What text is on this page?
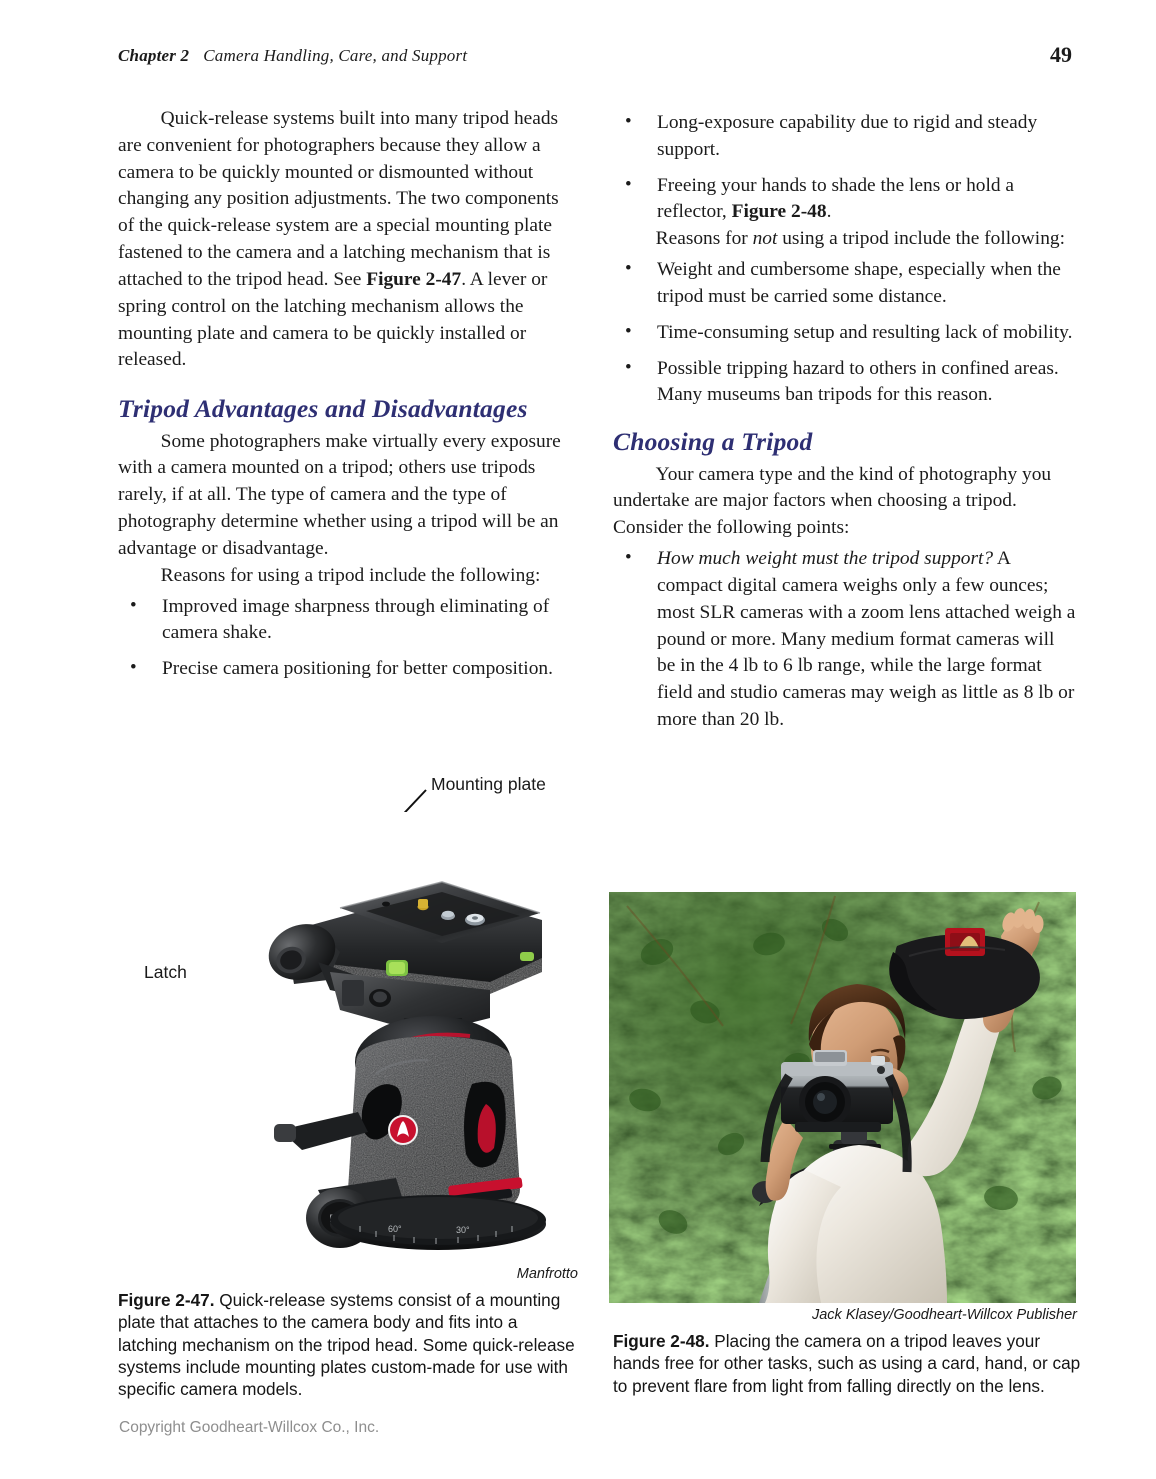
Chapter 2 Camera Handling, Care, and Support	49

Quick-release systems built into many tripod heads are convenient for photographers because they allow a camera to be quickly mounted or dismounted without changing any position adjustments. The two components of the quick-release system are a special mounting plate fastened to the camera and a latching mechanism that is attached to the tripod head. See Figure 2-47. A lever or spring control on the latching mechanism allows the mounting plate and camera to be quickly installed or released.

Tripod Advantages and Disadvantages

Some photographers make virtually every exposure with a camera mounted on a tripod; others use tripods rarely, if at all. The type of camera and the type of photography determine whether using a tripod will be an advantage or disadvantage.

Reasons for using a tripod include the following:

• Improved image sharpness through eliminating of camera shake.
• Precise camera positioning for better composition.
• Long-exposure capability due to rigid and steady support.
• Freeing your hands to shade the lens or hold a reflector, Figure 2-48.

Reasons for not using a tripod include the following:

• Weight and cumbersome shape, especially when the tripod must be carried some distance.
• Time-consuming setup and resulting lack of mobility.
• Possible tripping hazard to others in confined areas. Many museums ban tripods for this reason.
Choosing a Tripod

Your camera type and the kind of photography you undertake are major factors when choosing a tripod. Consider the following points:

• How much weight must the tripod support? A compact digital camera weighs only a few ounces; most SLR cameras with a zoom lens attached weigh a pound or more. Many medium format cameras will be in the 4 lb to 6 lb range, while the large format field and studio cameras may weigh as little as 8 lb or more than 20 lb.
Mounting plate
Latch
60°	30°
Manfrotto
Figure 2-47. Quick-release systems consist of a mounting plate that attaches to the camera body and fits into a latching mechanism on the tripod head. Some quick-release systems include mounting plates custom-made for use with specific camera models.
Jack Klasey/Goodheart-Willcox Publisher
Figure 2-48. Placing the camera on a tripod leaves your hands free for other tasks, such as using a card, hand, or cap to prevent flare from light from falling directly on the lens.
Copyright Goodheart-Willcox Co., Inc.
